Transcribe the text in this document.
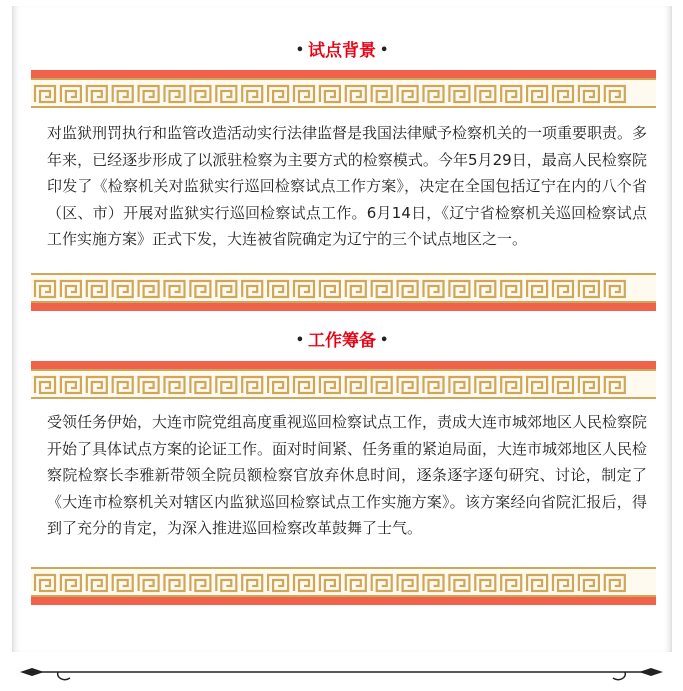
• 试点背景 •
对监狱刑罚执行和监管改造活动实行法律监督是我国法律赋予检察机关的一项重要职责。多年来，已经逐步形成了以派驻检察为主要方式的检察模式。今年5月29日，最高人民检察院印发了《检察机关对监狱实行巡回检察试点工作方案》，决定在全国包括辽宁在内的八个省（区、市）开展对监狱实行巡回检察试点工作。6月14日，《辽宁省检察机关巡回检察试点工作实施方案》正式下发，大连被省院确定为辽宁的三个试点地区之一。
• 工作筹备 •
受领任务伊始，大连市院党组高度重视巡回检察试点工作，责成大连市城郊地区人民检察院开始了具体试点方案的论证工作。面对时间紧、任务重的紧迫局面，大连市城郊地区人民检察院检察长李雅新带领全院员额检察官放弃休息时间，逐条逐字逐句研究、讨论，制定了《大连市检察机关对辖区内监狱巡回检察试点工作实施方案》。该方案经向省院汇报后，得到了充分的肯定，为深入推进巡回检察改革鼓舞了士气。
